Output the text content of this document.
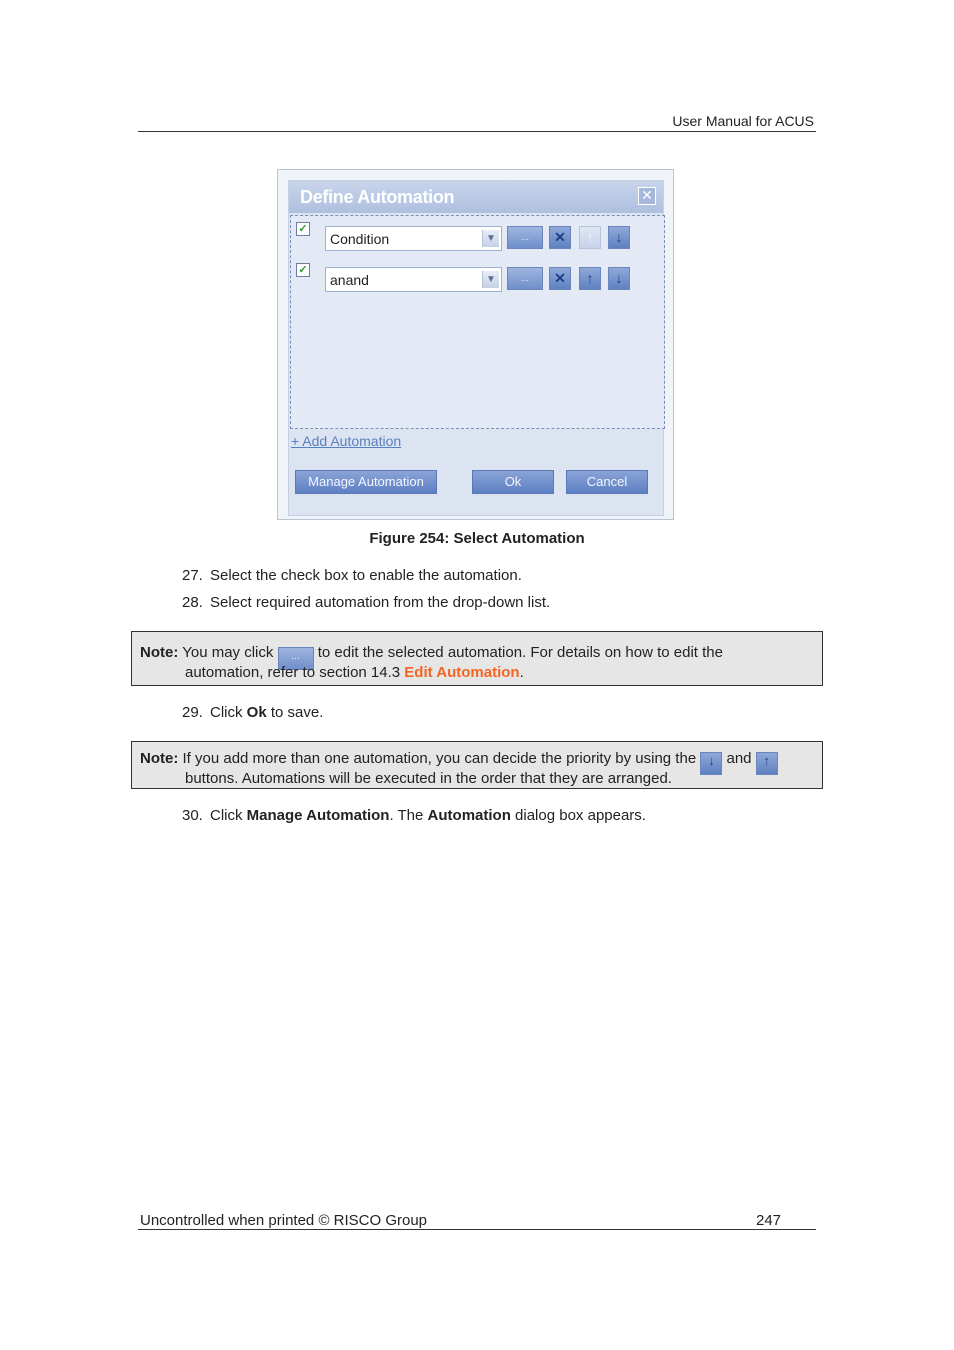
User Manual for ACUS
Define Automation	✕
✓
Condition	▼	...	✕	↑	↓
✓
anand	▼	...	✕	↑	↓
+ Add Automation
Manage Automation	Ok	Cancel
Figure 254: Select Automation
27. Select the check box to enable the automation.
28. Select required automation from the drop-down list.
Note: You may click ... to edit the selected automation. For details on how to edit the
automation, refer to section 14.3 Edit Automation.
29. Click Ok to save.
Note: If you add more than one automation, you can decide the priority by using the ↓ and ↑
buttons. Automations will be executed in the order that they are arranged.
30. Click Manage Automation. The Automation dialog box appears.
Uncontrolled when printed © RISCO Group	247
